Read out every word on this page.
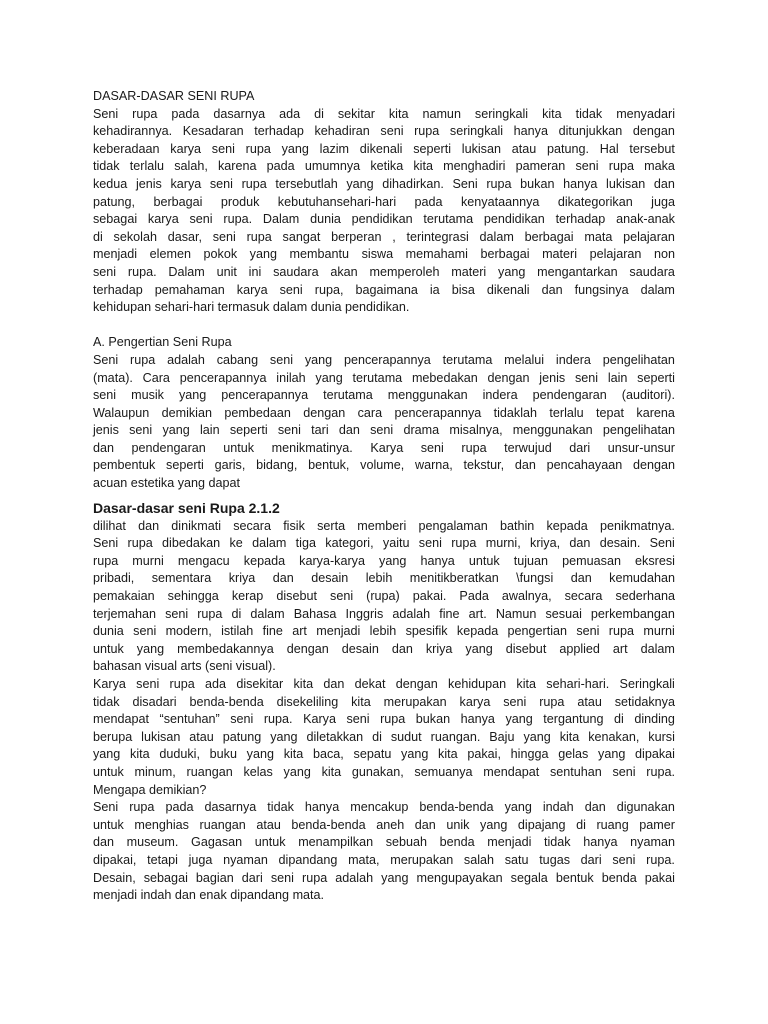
DASAR-DASAR SENI RUPA
Seni rupa pada dasarnya ada di sekitar kita namun seringkali kita tidak menyadari
kehadirannya. Kesadaran terhadap kehadiran seni rupa seringkali hanya ditunjukkan dengan
keberadaan karya seni rupa yang lazim dikenali seperti lukisan atau patung. Hal tersebut
tidak terlalu salah, karena pada umumnya ketika kita menghadiri pameran seni rupa maka
kedua jenis karya seni rupa tersebutlah yang dihadirkan. Seni rupa bukan hanya lukisan dan
patung, berbagai produk kebutuhansehari-hari pada kenyataannya dikategorikan juga
sebagai karya seni rupa. Dalam dunia pendidikan terutama pendidikan terhadap anak-anak
di sekolah dasar, seni rupa sangat berperan , terintegrasi dalam berbagai mata pelajaran
menjadi elemen pokok yang membantu siswa memahami berbagai materi pelajaran non
seni rupa. Dalam unit ini saudara akan memperoleh materi yang mengantarkan saudara
terhadap pemahaman karya seni rupa, bagaimana ia bisa dikenali dan fungsinya dalam
kehidupan sehari-hari termasuk dalam dunia pendidikan.
A. Pengertian Seni Rupa
Seni rupa adalah cabang seni yang pencerapannya terutama melalui indera pengelihatan
(mata). Cara pencerapannya inilah yang terutama mebedakan dengan jenis seni lain seperti
seni musik yang pencerapannya terutama menggunakan indera pendengaran (auditori).
Walaupun demikian pembedaan dengan cara pencerapannya tidaklah terlalu tepat karena
jenis seni yang lain seperti seni tari dan seni drama misalnya, menggunakan pengelihatan
dan pendengaran untuk menikmatinya. Karya seni rupa terwujud dari unsur-unsur
pembentuk seperti garis, bidang, bentuk, volume, warna, tekstur, dan pencahayaan dengan
acuan estetika yang dapat
Dasar-dasar seni Rupa 2.1.2
dilihat dan dinikmati secara fisik serta memberi pengalaman bathin kepada penikmatnya.
Seni rupa dibedakan ke dalam tiga kategori, yaitu seni rupa murni, kriya, dan desain. Seni
rupa murni mengacu kepada karya-karya yang hanya untuk tujuan pemuasan eksresi
pribadi, sementara kriya dan desain lebih menitikberatkan \fungsi dan kemudahan
pemakaian sehingga kerap disebut seni (rupa) pakai. Pada awalnya, secara sederhana
terjemahan seni rupa di dalam Bahasa Inggris adalah fine art. Namun sesuai perkembangan
dunia seni modern, istilah fine art menjadi lebih spesifik kepada pengertian seni rupa murni
untuk yang membedakannya dengan desain dan kriya yang disebut applied art dalam
bahasan visual arts (seni visual).
Karya seni rupa ada disekitar kita dan dekat dengan kehidupan kita sehari-hari. Seringkali
tidak disadari benda-benda disekeliling kita merupakan karya seni rupa atau setidaknya
mendapat “sentuhan” seni rupa. Karya seni rupa bukan hanya yang tergantung di dinding
berupa lukisan atau patung yang diletakkan di sudut ruangan. Baju yang kita kenakan, kursi
yang kita duduki, buku yang kita baca, sepatu yang kita pakai, hingga gelas yang dipakai
untuk minum, ruangan kelas yang kita gunakan, semuanya mendapat sentuhan seni rupa.
Mengapa demikian?
Seni rupa pada dasarnya tidak hanya mencakup benda-benda yang indah dan digunakan
untuk menghias ruangan atau benda-benda aneh dan unik yang dipajang di ruang pamer
dan museum. Gagasan untuk menampilkan sebuah benda menjadi tidak hanya nyaman
dipakai, tetapi juga nyaman dipandang mata, merupakan salah satu tugas dari seni rupa.
Desain, sebagai bagian dari seni rupa adalah yang mengupayakan segala bentuk benda pakai
menjadi indah dan enak dipandang mata.
